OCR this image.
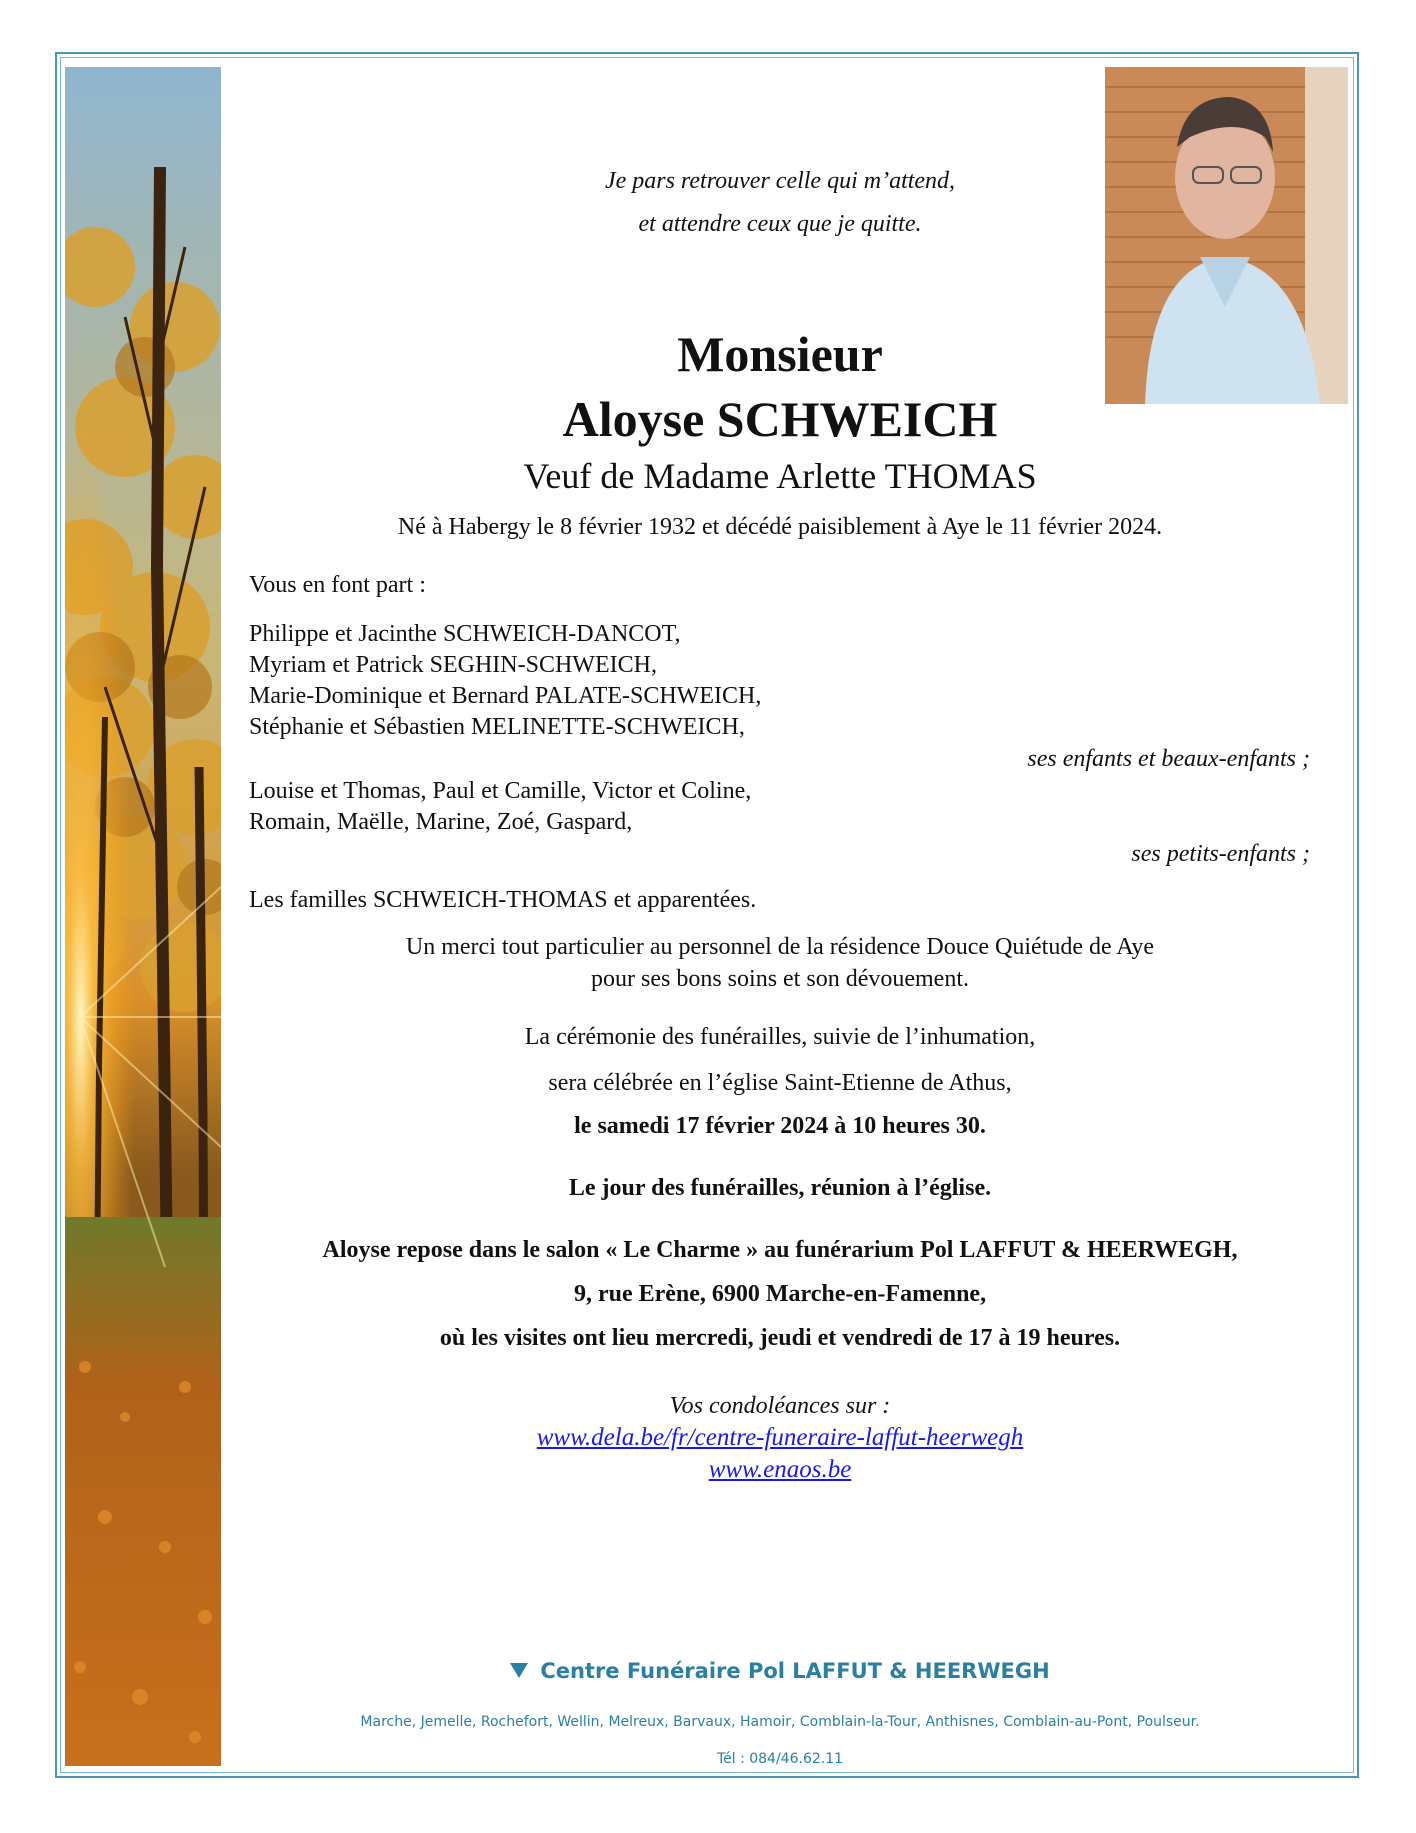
Je pars retrouver celle qui m’attend,

et attendre ceux que je quitte.

Monsieur

Aloyse SCHWEICH

Veuf de Madame Arlette THOMAS

Né à Habergy le 8 février 1932 et décédé paisiblement à Aye le 11 février 2024.

Vous en font part :

Philippe et Jacinthe SCHWEICH-DANCOT,

Myriam et Patrick SEGHIN-SCHWEICH,

Marie-Dominique et Bernard PALATE-SCHWEICH,

Stéphanie et Sébastien MELINETTE-SCHWEICH,

ses enfants et beaux-enfants ;

Louise et Thomas, Paul et Camille, Victor et Coline,

Romain, Maëlle, Marine, Zoé, Gaspard,

ses petits-enfants ;

Les familles SCHWEICH-THOMAS et apparentées.

Un merci tout particulier au personnel de la résidence Douce Quiétude de Aye

pour ses bons soins et son dévouement.

La cérémonie des funérailles, suivie de l’inhumation,

sera célébrée en l’église Saint-Etienne de Athus,

le samedi 17 février 2024 à 10 heures 30.

Le jour des funérailles, réunion à l’église.

Aloyse repose dans le salon « Le Charme » au funérarium Pol LAFFUT & HEERWEGH,

9, rue Erène, 6900 Marche-en-Famenne,

où les visites ont lieu mercredi, jeudi et vendredi de 17 à 19 heures.

Vos condoléances sur :

www.dela.be/fr/centre-funeraire-laffut-heerwegh

www.enaos.be

Centre Funéraire Pol LAFFUT & HEERWEGH

Marche, Jemelle, Rochefort, Wellin, Melreux, Barvaux, Hamoir, Comblain-la-Tour, Anthisnes, Comblain-au-Pont, Poulseur.

Tél : 084/46.62.11
